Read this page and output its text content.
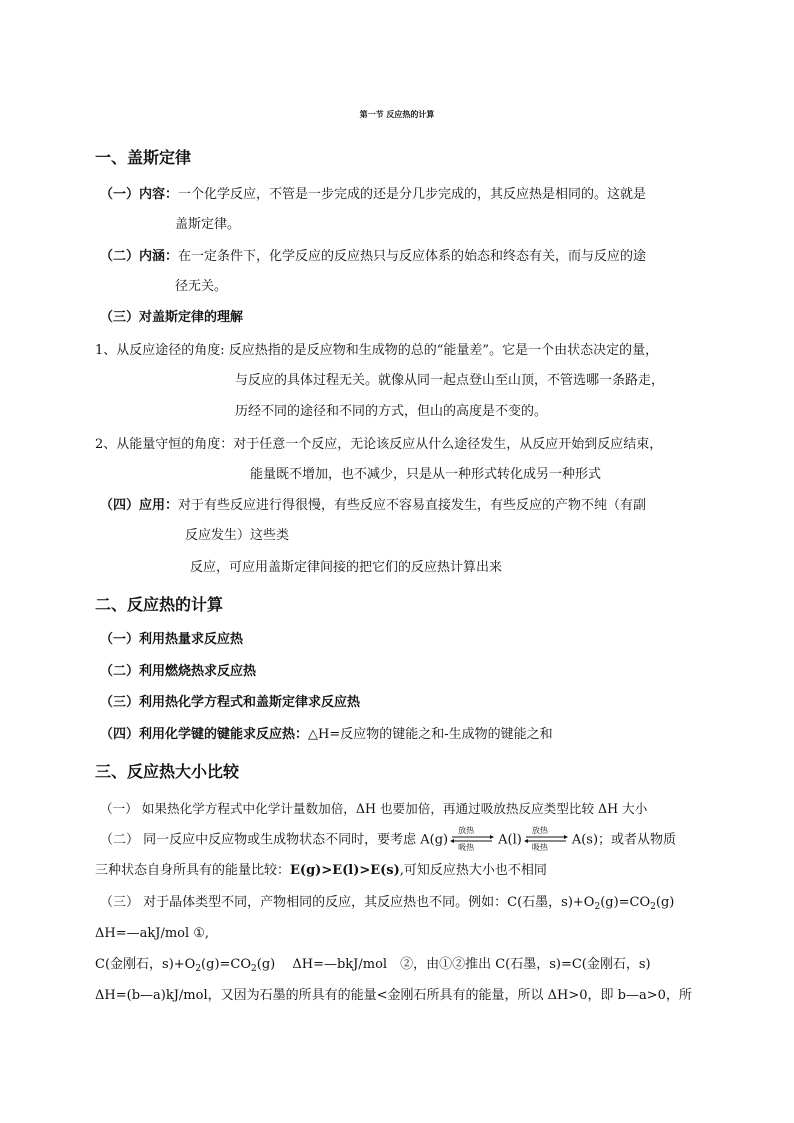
第一节 反应热的计算
一、盖斯定律
（一）内容：一个化学反应，不管是一步完成的还是分几步完成的，其反应热是相同的。这就是
盖斯定律。
（二）内涵：在一定条件下，化学反应的反应热只与反应体系的始态和终态有关，而与反应的途
径无关。
（三）对盖斯定律的理解
1、从反应途径的角度: 反应热指的是反应物和生成物的总的“能量差”。它是一个由状态决定的量，
与反应的具体过程无关。就像从同一起点登山至山顶，不管选哪一条路走，
历经不同的途径和不同的方式，但山的高度是不变的。
2、从能量守恒的角度：对于任意一个反应，无论该反应从什么途径发生，从反应开始到反应结束，
能量既不增加，也不减少，只是从一种形式转化成另一种形式
（四）应用：对于有些反应进行得很慢，有些反应不容易直接发生，有些反应的产物不纯（有副
反应发生）这些类
反应，可应用盖斯定律间接的把它们的反应热计算出来
二、反应热的计算
（一）利用热量求反应热
（二）利用燃烧热求反应热
（三）利用热化学方程式和盖斯定律求反应热
（四）利用化学键的键能求反应热：△H=反应物的键能之和-生成物的键能之和
三、反应热大小比较
（一） 如果热化学方程式中化学计量数加倍，ΔH 也要加倍，再通过吸放热反应类型比较 ΔH 大小
（二） 同一反应中反应物或生成物状态不同时，要考虑 A(g)
放热
吸热 A(l)
放热
吸热 A(s)；或者从物质
三种状态自身所具有的能量比较：E(g)>E(l)>E(s),可知反应热大小也不相同
（三） 对于晶体类型不同，产物相同的反应，其反应热也不同。例如：C(石墨，$s)+O_2(g)=CO_2(g)$
ΔH=—akJ/mol ①,
C(金刚石，$s)+O_2(g)=CO_2(g)$　 ΔH=—bkJ/mol　②，由①②推出 C(石墨，s)=C(金刚石，s)
ΔH=(b—a)kJ/mol，又因为石墨的所具有的能量<金刚石所具有的能量，所以 ΔH>0，即 b—a>0，所
